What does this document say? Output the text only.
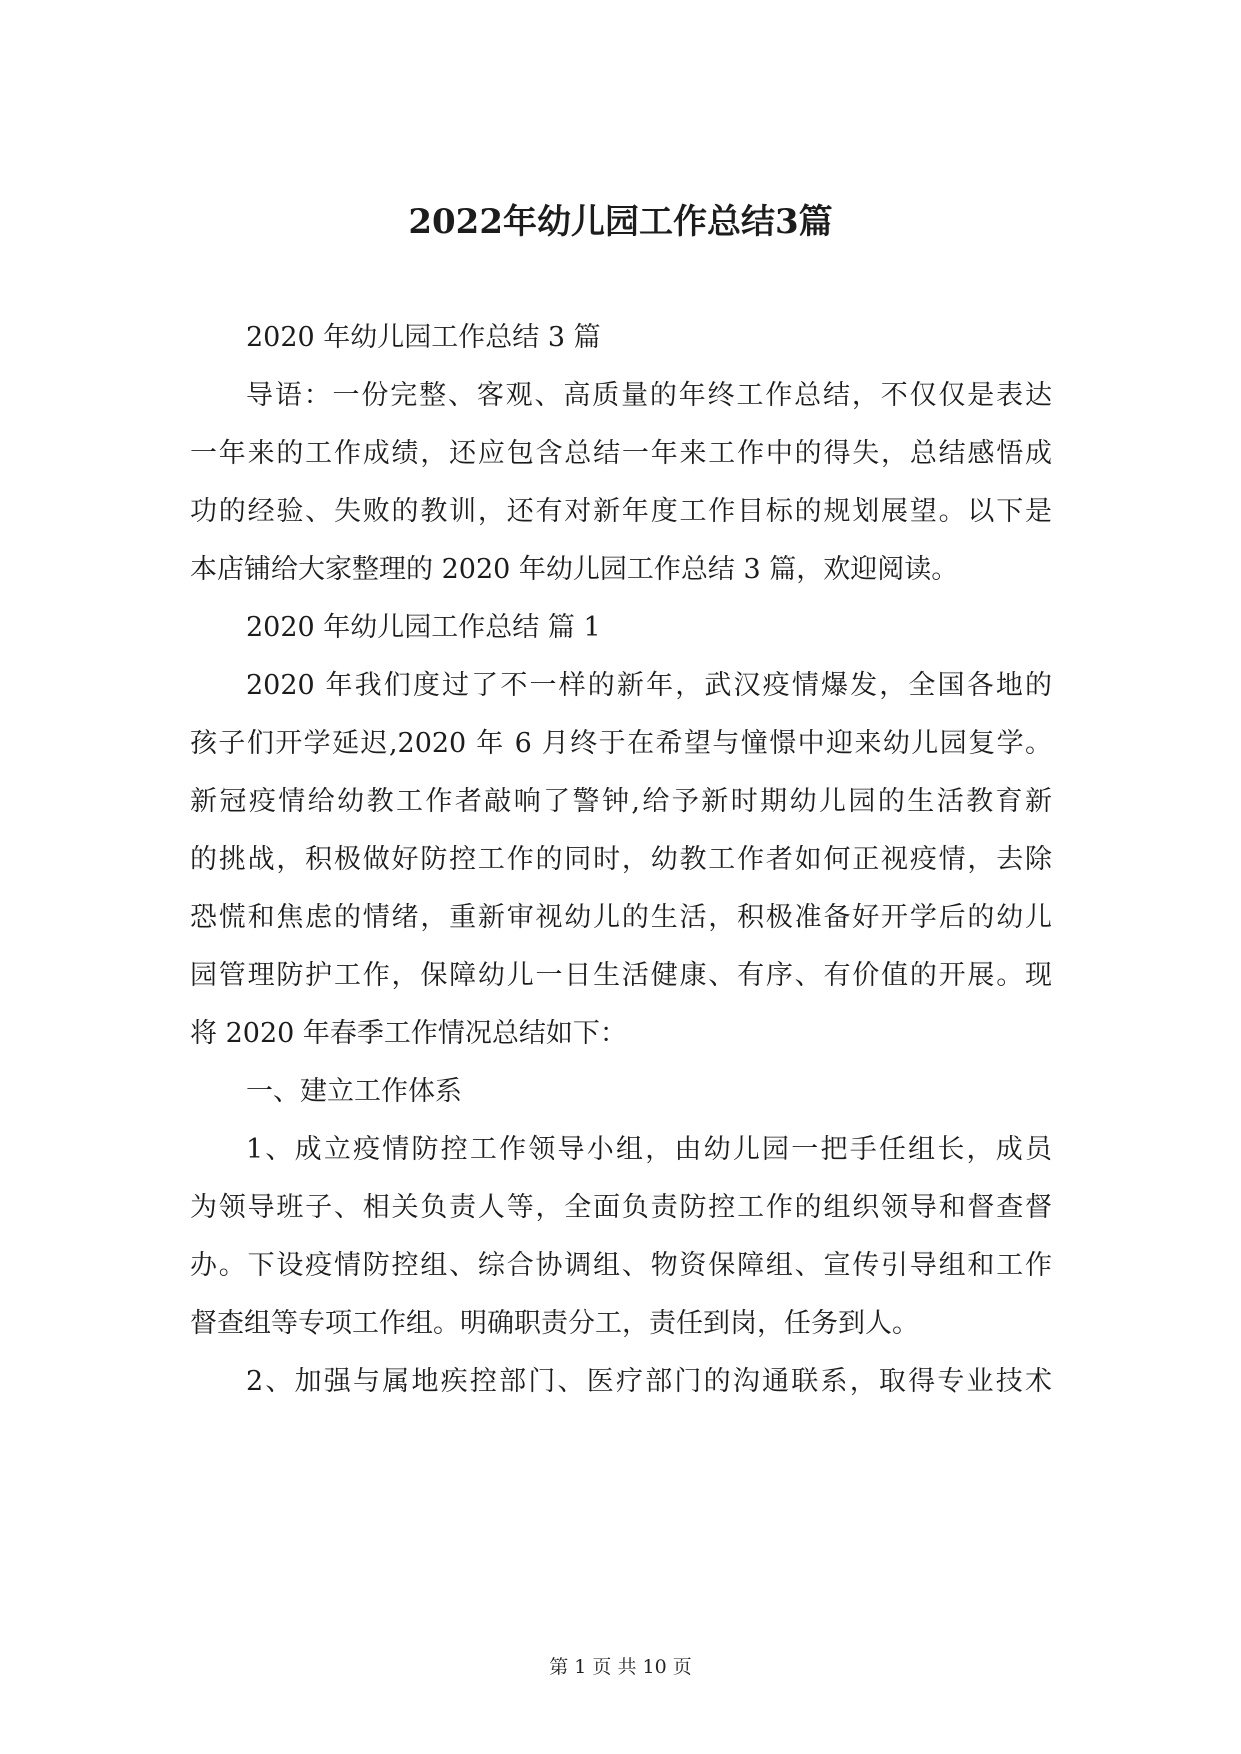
2022年幼儿园工作总结3篇
2020 年幼儿园工作总结 3 篇
导语：一份完整、客观、高质量的年终工作总结，不仅仅是表达
一年来的工作成绩，还应包含总结一年来工作中的得失，总结感悟成
功的经验、失败的教训，还有对新年度工作目标的规划展望。以下是
本店铺给大家整理的 2020 年幼儿园工作总结 3 篇，欢迎阅读。
2020 年幼儿园工作总结 篇 1
2020 年我们度过了不一样的新年，武汉疫情爆发，全国各地的
孩子们开学延迟,2020 年 6 月终于在希望与憧憬中迎来幼儿园复学。
新冠疫情给幼教工作者敲响了警钟,给予新时期幼儿园的生活教育新
的挑战，积极做好防控工作的同时，幼教工作者如何正视疫情，去除
恐慌和焦虑的情绪，重新审视幼儿的生活，积极准备好开学后的幼儿
园管理防护工作，保障幼儿一日生活健康、有序、有价值的开展。现
将 2020 年春季工作情况总结如下：
一、建立工作体系
1、成立疫情防控工作领导小组，由幼儿园一把手任组长，成员
为领导班子、相关负责人等，全面负责防控工作的组织领导和督查督
办。下设疫情防控组、综合协调组、物资保障组、宣传引导组和工作
督查组等专项工作组。明确职责分工，责任到岗，任务到人。
2、加强与属地疾控部门、医疗部门的沟通联系，取得专业技术
第 1 页 共 10 页
